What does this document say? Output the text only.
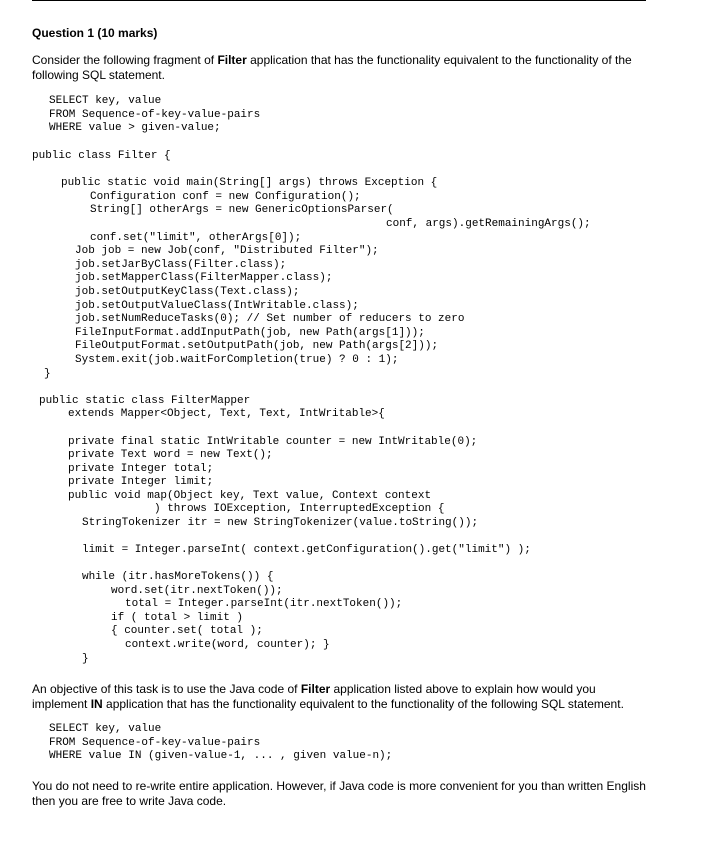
Question 1 (10 marks)
Consider the following fragment of Filter application that has the functionality equivalent to the functionality of the following SQL statement.

SELECT key, value

FROM Sequence-of-key-value-pairs

WHERE value > given-value;

public class Filter {

public static void main(String[] args) throws Exception {

Configuration conf = new Configuration();

String[] otherArgs = new GenericOptionsParser(

conf, args).getRemainingArgs();

conf.set("limit", otherArgs[0]);

Job job = new Job(conf, "Distributed Filter");

job.setJarByClass(Filter.class);

job.setMapperClass(FilterMapper.class);

job.setOutputKeyClass(Text.class);

job.setOutputValueClass(IntWritable.class);

job.setNumReduceTasks(0); // Set number of reducers to zero

FileInputFormat.addInputPath(job, new Path(args[1]));

FileOutputFormat.setOutputPath(job, new Path(args[2]));

System.exit(job.waitForCompletion(true) ? 0 : 1);

}

public static class FilterMapper

extends Mapper<Object, Text, Text, IntWritable>{

private final static IntWritable counter = new IntWritable(0);

private Text word = new Text();

private Integer total;

private Integer limit;

public void map(Object key, Text value, Context context

) throws IOException, InterruptedException {

StringTokenizer itr = new StringTokenizer(value.toString());

limit = Integer.parseInt( context.getConfiguration().get("limit") );

while (itr.hasMoreTokens()) {

word.set(itr.nextToken());

total = Integer.parseInt(itr.nextToken());

if ( total > limit )

{ counter.set( total );

context.write(word, counter); }

}

An objective of this task is to use the Java code of Filter application listed above to explain how would you implement IN application that has the functionality equivalent to the functionality of the following SQL statement.

SELECT key, value

FROM Sequence-of-key-value-pairs

WHERE value IN (given-value-1, ... , given value-n);

You do not need to re-write entire application. However, if Java code is more convenient for you than written English then you are free to write Java code.
